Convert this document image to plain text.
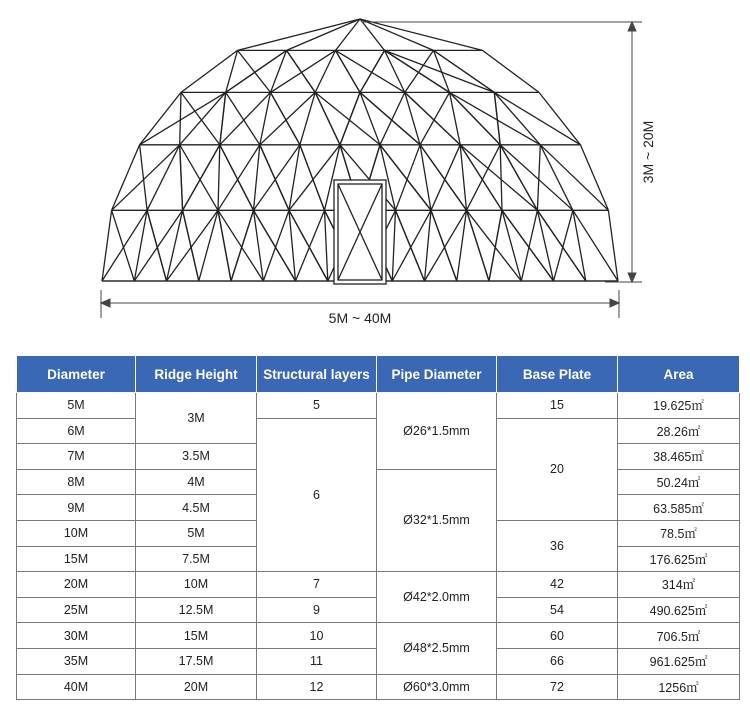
5M ~ 40M
3M ~ 20M
Diameter	Ridge Height	Structural layers	Pipe Diameter	Base Plate	Area
5M	3M	5	Ø26*1.5mm	15	19.625㎡
6M		6		20	28.26㎡
7M	3.5M				38.465㎡
8M	4M		Ø32*1.5mm		50.24㎡
9M	4.5M				63.585㎡
10M	5M			36	78.5㎡
15M	7.5M				176.625㎡
20M	10M	7	Ø42*2.0mm	42	314㎡
25M	12.5M	9		54	490.625㎡
30M	15M	10	Ø48*2.5mm	60	706.5㎡
35M	17.5M	11		66	961.625㎡
40M	20M	12	Ø60*3.0mm	72	1256㎡
